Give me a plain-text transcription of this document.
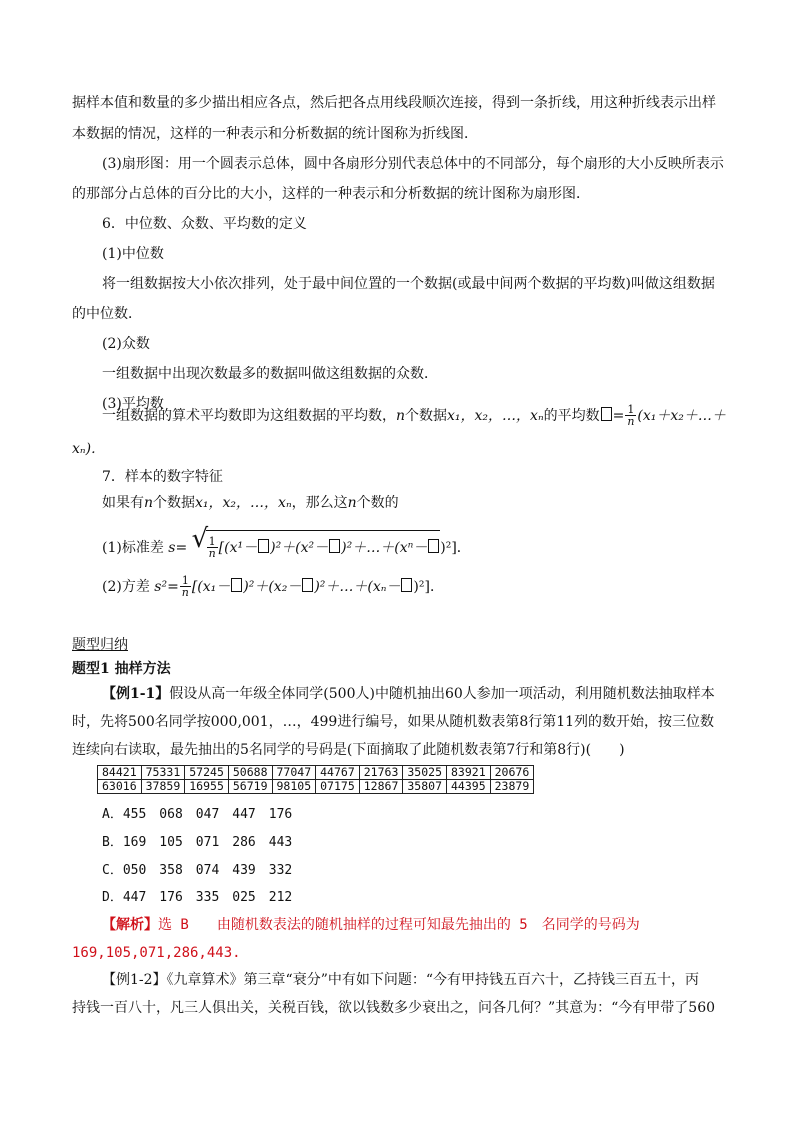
据样本值和数量的多少描出相应各点，然后把各点用线段顺次连接，得到一条折线，用这种折线表示出样
本数据的情况，这样的一种表示和分析数据的统计图称为折线图．
(3)扇形图：用一个圆表示总体，圆中各扇形分别代表总体中的不同部分，每个扇形的大小反映所表示
的那部分占总体的百分比的大小，这样的一种表示和分析数据的统计图称为扇形图．
6．中位数、众数、平均数的定义
(1)中位数
将一组数据按大小依次排列，处于最中间位置的一个数据(或最中间两个数据的平均数)叫做这组数据
的中位数．
(2)众数
一组数据中出现次数最多的数据叫做这组数据的众数．
(3)平均数
一组数据的算术平均数即为这组数据的平均数，n个数据x₁，x₂，…，xₙ的平均数 = $\frac{1}{n}$ (x₁＋x₂＋…＋
xₙ)．
7．样本的数字特征
如果有n个数据x₁，x₂，…，xₙ，那么这n个数的
(1)标准差 s= √
$\frac{1}{n} [(x^1- )^2+(x^2-$ )²＋…＋(xⁿ－ )²]．
(2)方差 $s^2= \frac{1}{n} [(x_1- )^2+(x_2-$ )²＋…＋(xₙ－ )²]．
题型归纳
题型1 抽样方法
【例1-1】假设从高一年级全体同学(500人)中随机抽出60人参加一项活动，利用随机数法抽取样本
时，先将500名同学按000,001，…，499进行编号，如果从随机数表第8行第11列的数开始，按三位数
连续向右读取，最先抽出的5名同学的号码是(下面摘取了此随机数表第7行和第8行)(　　)
84421	75331	57245	50688	77047	44767	21763	35025	83921	20676
63016	37859	16955	56719	98105	07175	12867	35807	44395	23879
A．455　068　047　447　176
B．169　105　071　286　443
C．050　358　074　439　332
D．447　176　335　025　212
【解析】选 B　　由随机数表法的随机抽样的过程可知最先抽出的 5　名同学的号码为
169,105,071,286,443.
【例1-2】《九章算术》第三章“衰分”中有如下问题：“今有甲持钱五百六十，乙持钱三百五十，丙
持钱一百八十，凡三人俱出关，关税百钱，欲以钱数多少衰出之，问各几何？”其意为：“今有甲带了560
